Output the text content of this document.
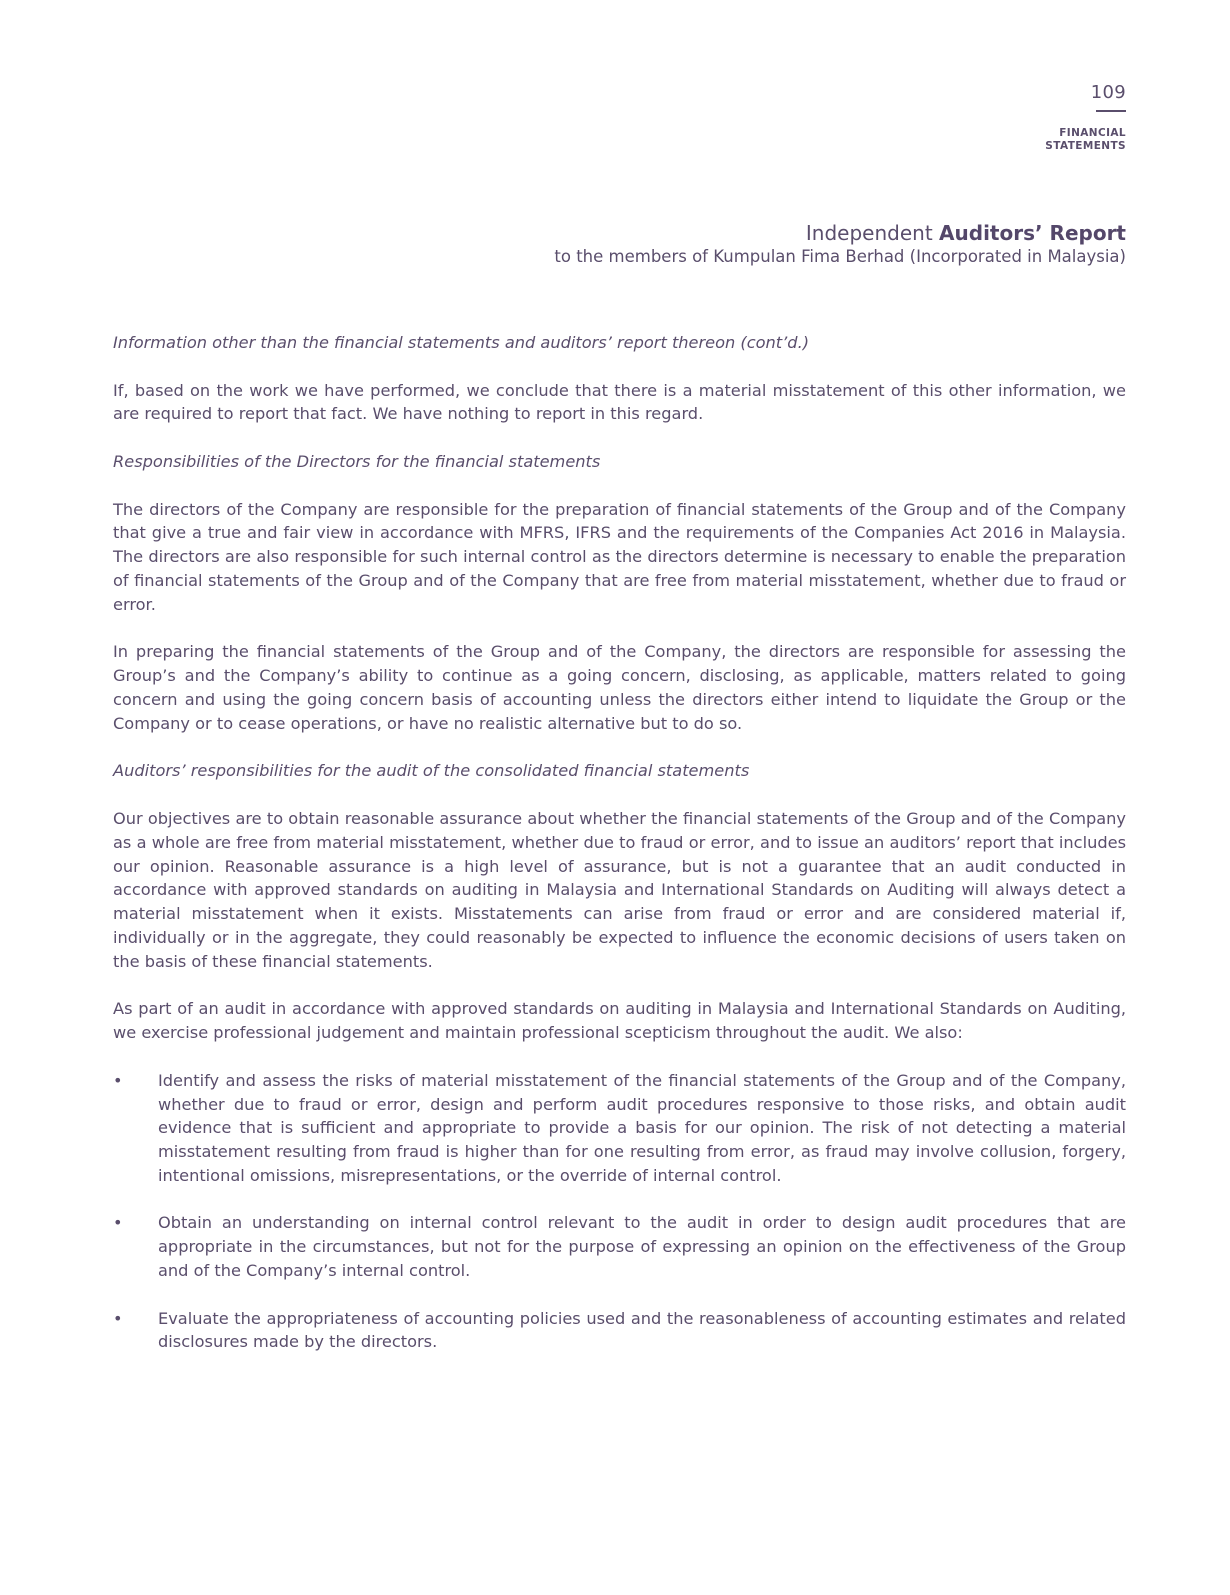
109
FINANCIAL
STATEMENTS
Independent Auditors’ Report
to the members of Kumpulan Fima Berhad (Incorporated in Malaysia)

Information other than the financial statements and auditors’ report thereon (cont’d.)

If, based on the work we have performed, we conclude that there is a material misstatement of this other information, we are required to report that fact. We have nothing to report in this regard.

Responsibilities of the Directors for the financial statements

The directors of the Company are responsible for the preparation of financial statements of the Group and of the Company that give a true and fair view in accordance with MFRS, IFRS and the requirements of the Companies Act 2016 in Malaysia. The directors are also responsible for such internal control as the directors determine is necessary to enable the preparation of financial statements of the Group and of the Company that are free from material misstatement, whether due to fraud or error.

In preparing the financial statements of the Group and of the Company, the directors are responsible for assessing the Group’s and the Company’s ability to continue as a going concern, disclosing, as applicable, matters related to going concern and using the going concern basis of accounting unless the directors either intend to liquidate the Group or the Company or to cease operations, or have no realistic alternative but to do so.

Auditors’ responsibilities for the audit of the consolidated financial statements

Our objectives are to obtain reasonable assurance about whether the financial statements of the Group and of the Company as a whole are free from material misstatement, whether due to fraud or error, and to issue an auditors’ report that includes our opinion. Reasonable assurance is a high level of assurance, but is not a guarantee that an audit conducted in accordance with approved standards on auditing in Malaysia and International Standards on Auditing will always detect a material misstatement when it exists. Misstatements can arise from fraud or error and are considered material if, individually or in the aggregate, they could reasonably be expected to influence the economic decisions of users taken on the basis of these financial statements.

As part of an audit in accordance with approved standards on auditing in Malaysia and International Standards on Auditing, we exercise professional judgement and maintain professional scepticism throughout the audit. We also:

• Identify and assess the risks of material misstatement of the financial statements of the Group and of the Company, whether due to fraud or error, design and perform audit procedures responsive to those risks, and obtain audit evidence that is sufficient and appropriate to provide a basis for our opinion. The risk of not detecting a material misstatement resulting from fraud is higher than for one resulting from error, as fraud may involve collusion, forgery, intentional omissions, misrepresentations, or the override of internal control.
• Obtain an understanding on internal control relevant to the audit in order to design audit procedures that are appropriate in the circumstances, but not for the purpose of expressing an opinion on the effectiveness of the Group and of the Company’s internal control.
• Evaluate the appropriateness of accounting policies used and the reasonableness of accounting estimates and related disclosures made by the directors.
